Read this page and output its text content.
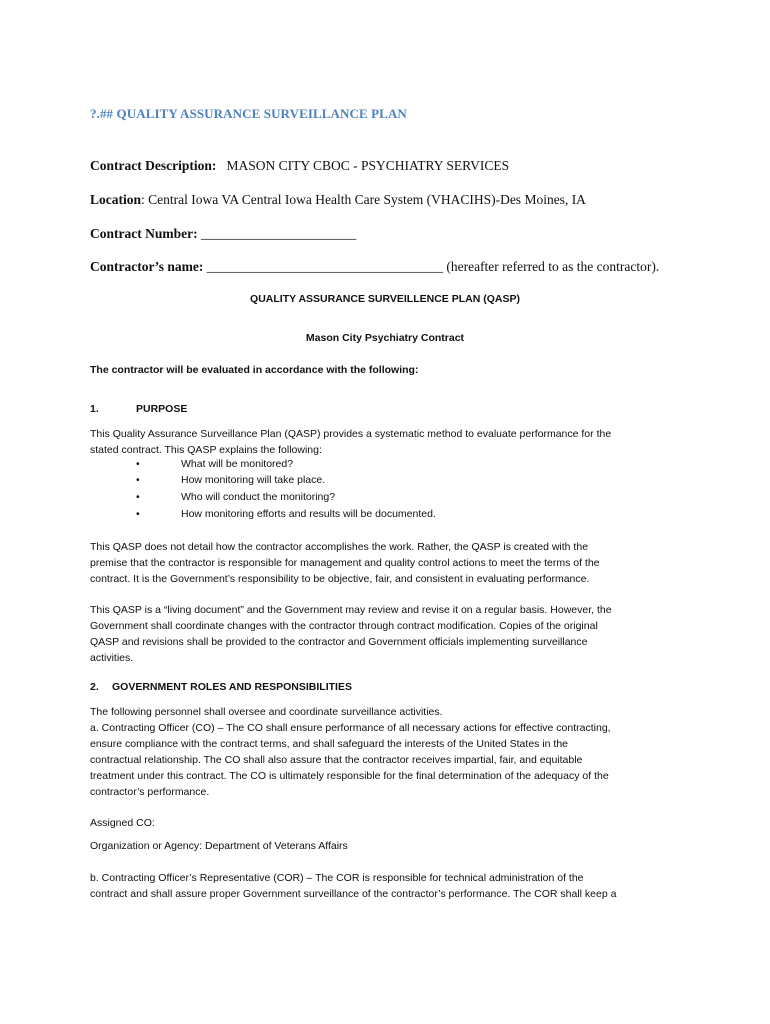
?.## QUALITY ASSURANCE SURVEILLANCE PLAN
Contract Description: MASON CITY CBOC - PSYCHIATRY SERVICES
Location: Central Iowa VA Central Iowa Health Care System (VHACIHS)-Des Moines, IA
Contract Number: _______________________
Contractor’s name: ___________________________________ (hereafter referred to as the contractor).
QUALITY ASSURANCE SURVEILLENCE PLAN (QASP)
Mason City Psychiatry Contract
The contractor will be evaluated in accordance with the following:
1.	PURPOSE
This Quality Assurance Surveillance Plan (QASP) provides a systematic method to evaluate performance for the
stated contract. This QASP explains the following:
•	What will be monitored?
•	How monitoring will take place.
•	Who will conduct the monitoring?
•	How monitoring efforts and results will be documented.
This QASP does not detail how the contractor accomplishes the work. Rather, the QASP is created with the
premise that the contractor is responsible for management and quality control actions to meet the terms of the
contract. It is the Government’s responsibility to be objective, fair, and consistent in evaluating performance.
This QASP is a “living document” and the Government may review and revise it on a regular basis. However, the
Government shall coordinate changes with the contractor through contract modification. Copies of the original
QASP and revisions shall be provided to the contractor and Government officials implementing surveillance
activities.
2. GOVERNMENT ROLES AND RESPONSIBILITIES
The following personnel shall oversee and coordinate surveillance activities.
a. Contracting Officer (CO) – The CO shall ensure performance of all necessary actions for effective contracting,
ensure compliance with the contract terms, and shall safeguard the interests of the United States in the
contractual relationship. The CO shall also assure that the contractor receives impartial, fair, and equitable
treatment under this contract. The CO is ultimately responsible for the final determination of the adequacy of the
contractor’s performance.
Assigned CO:
Organization or Agency: Department of Veterans Affairs
b. Contracting Officer’s Representative (COR) – The COR is responsible for technical administration of the
contract and shall assure proper Government surveillance of the contractor’s performance. The COR shall keep a
